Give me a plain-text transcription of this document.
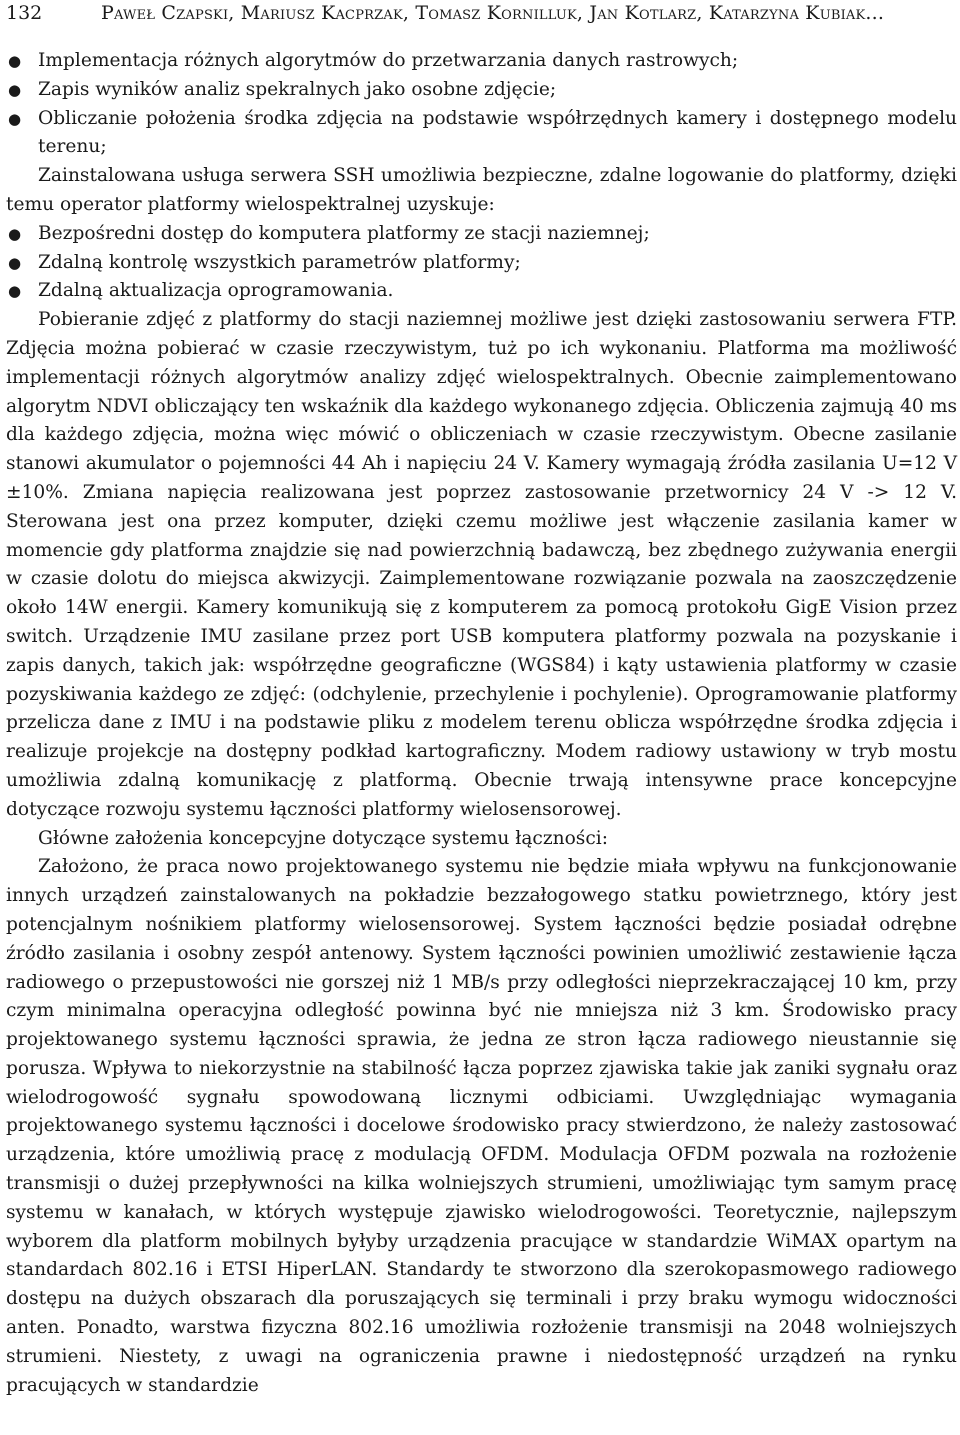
132	Paweł Czapski, Mariusz Kacprzak, Tomasz Kornilluk, Jan Kotlarz, Katarzyna Kubiak...
● Implementacja różnych algorytmów do przetwarzania danych rastrowych;
● Zapis wyników analiz spekralnych jako osobne zdjęcie;
● Obliczanie położenia środka zdjęcia na podstawie współrzędnych kamery i dostępnego modelu terenu;

Zainstalowana usługa serwera SSH umożliwia bezpieczne, zdalne logowanie do platformy, dzięki temu operator platformy wielospektralnej uzyskuje:

● Bezpośredni dostęp do komputera platformy ze stacji naziemnej;
● Zdalną kontrolę wszystkich parametrów platformy;
● Zdalną aktualizacja oprogramowania.

Pobieranie zdjęć z platformy do stacji naziemnej możliwe jest dzięki zastosowaniu serwera FTP. Zdjęcia można pobierać w czasie rzeczywistym, tuż po ich wykonaniu. Platforma ma możliwość implementacji różnych algorytmów analizy zdjęć wielospektralnych. Obecnie zaimplementowano algorytm NDVI obliczający ten wskaźnik dla każdego wykonanego zdjęcia. Obliczenia zajmują 40 ms dla każdego zdjęcia, można więc mówić o obliczeniach w czasie rzeczywistym. Obecne zasilanie stanowi akumulator o pojemności 44 Ah i napięciu 24 V. Kamery wymagają źródła zasilania U=12 V ±10%. Zmiana napięcia realizowana jest poprzez zastosowanie przetwornicy 24 V -> 12 V. Sterowana jest ona przez komputer, dzięki czemu możliwe jest włączenie zasilania kamer w momencie gdy platforma znajdzie się nad powierzchnią badawczą, bez zbędnego zużywania energii w czasie dolotu do miejsca akwizycji. Zaimplementowane rozwiązanie pozwala na zaoszczędzenie około 14W energii. Kamery komunikują się z komputerem za pomocą protokołu GigE Vision przez switch. Urządzenie IMU zasilane przez port USB komputera platformy pozwala na pozyskanie i zapis danych, takich jak: współrzędne geograficzne (WGS84) i kąty ustawienia platformy w czasie pozyskiwania każdego ze zdjęć: (odchylenie, przechylenie i pochylenie). Oprogramowanie platformy przelicza dane z IMU i na podstawie pliku z modelem terenu oblicza współrzędne środka zdjęcia i realizuje projekcje na dostępny podkład kartograficzny. Modem radiowy ustawiony w tryb mostu umożliwia zdalną komunikację z platformą. Obecnie trwają intensywne prace koncepcyjne dotyczące rozwoju systemu łączności platformy wielosensorowej.

Główne założenia koncepcyjne dotyczące systemu łączności:

Założono, że praca nowo projektowanego systemu nie będzie miała wpływu na funkcjonowanie innych urządzeń zainstalowanych na pokładzie bezzałogowego statku powietrznego, który jest potencjalnym nośnikiem platformy wielosensorowej. System łączności będzie posiadał odrębne źródło zasilania i osobny zespół antenowy. System łączności powinien umożliwić zestawienie łącza radiowego o przepustowości nie gorszej niż 1 MB/s przy odległości nieprzekraczającej 10 km, przy czym minimalna operacyjna odległość powinna być nie mniejsza niż 3 km. Środowisko pracy projektowanego systemu łączności sprawia, że jedna ze stron łącza radiowego nieustannie się porusza. Wpływa to niekorzystnie na stabilność łącza poprzez zjawiska takie jak zaniki sygnału oraz wielodrogowość sygnału spowodowaną licznymi odbiciami. Uwzględniając wymagania projektowanego systemu łączności i docelowe środowisko pracy stwierdzono, że należy zastosować urządzenia, które umożliwią pracę z modulacją OFDM. Modulacja OFDM pozwala na rozłożenie transmisji o dużej przepływności na kilka wolniejszych strumieni, umożliwiając tym samym pracę systemu w kanałach, w których występuje zjawisko wielodrogowości. Teoretycznie, najlepszym wyborem dla platform mobilnych byłyby urządzenia pracujące w standardzie WiMAX opartym na standardach 802.16 i ETSI HiperLAN. Standardy te stworzono dla szerokopasmowego radiowego dostępu na dużych obszarach dla poruszających się terminali i przy braku wymogu widoczności anten. Ponadto, warstwa fizyczna 802.16 umożliwia rozłożenie transmisji na 2048 wolniejszych strumieni. Niestety, z uwagi na ograniczenia prawne i niedostępność urządzeń na rynku pracujących w standardzie
